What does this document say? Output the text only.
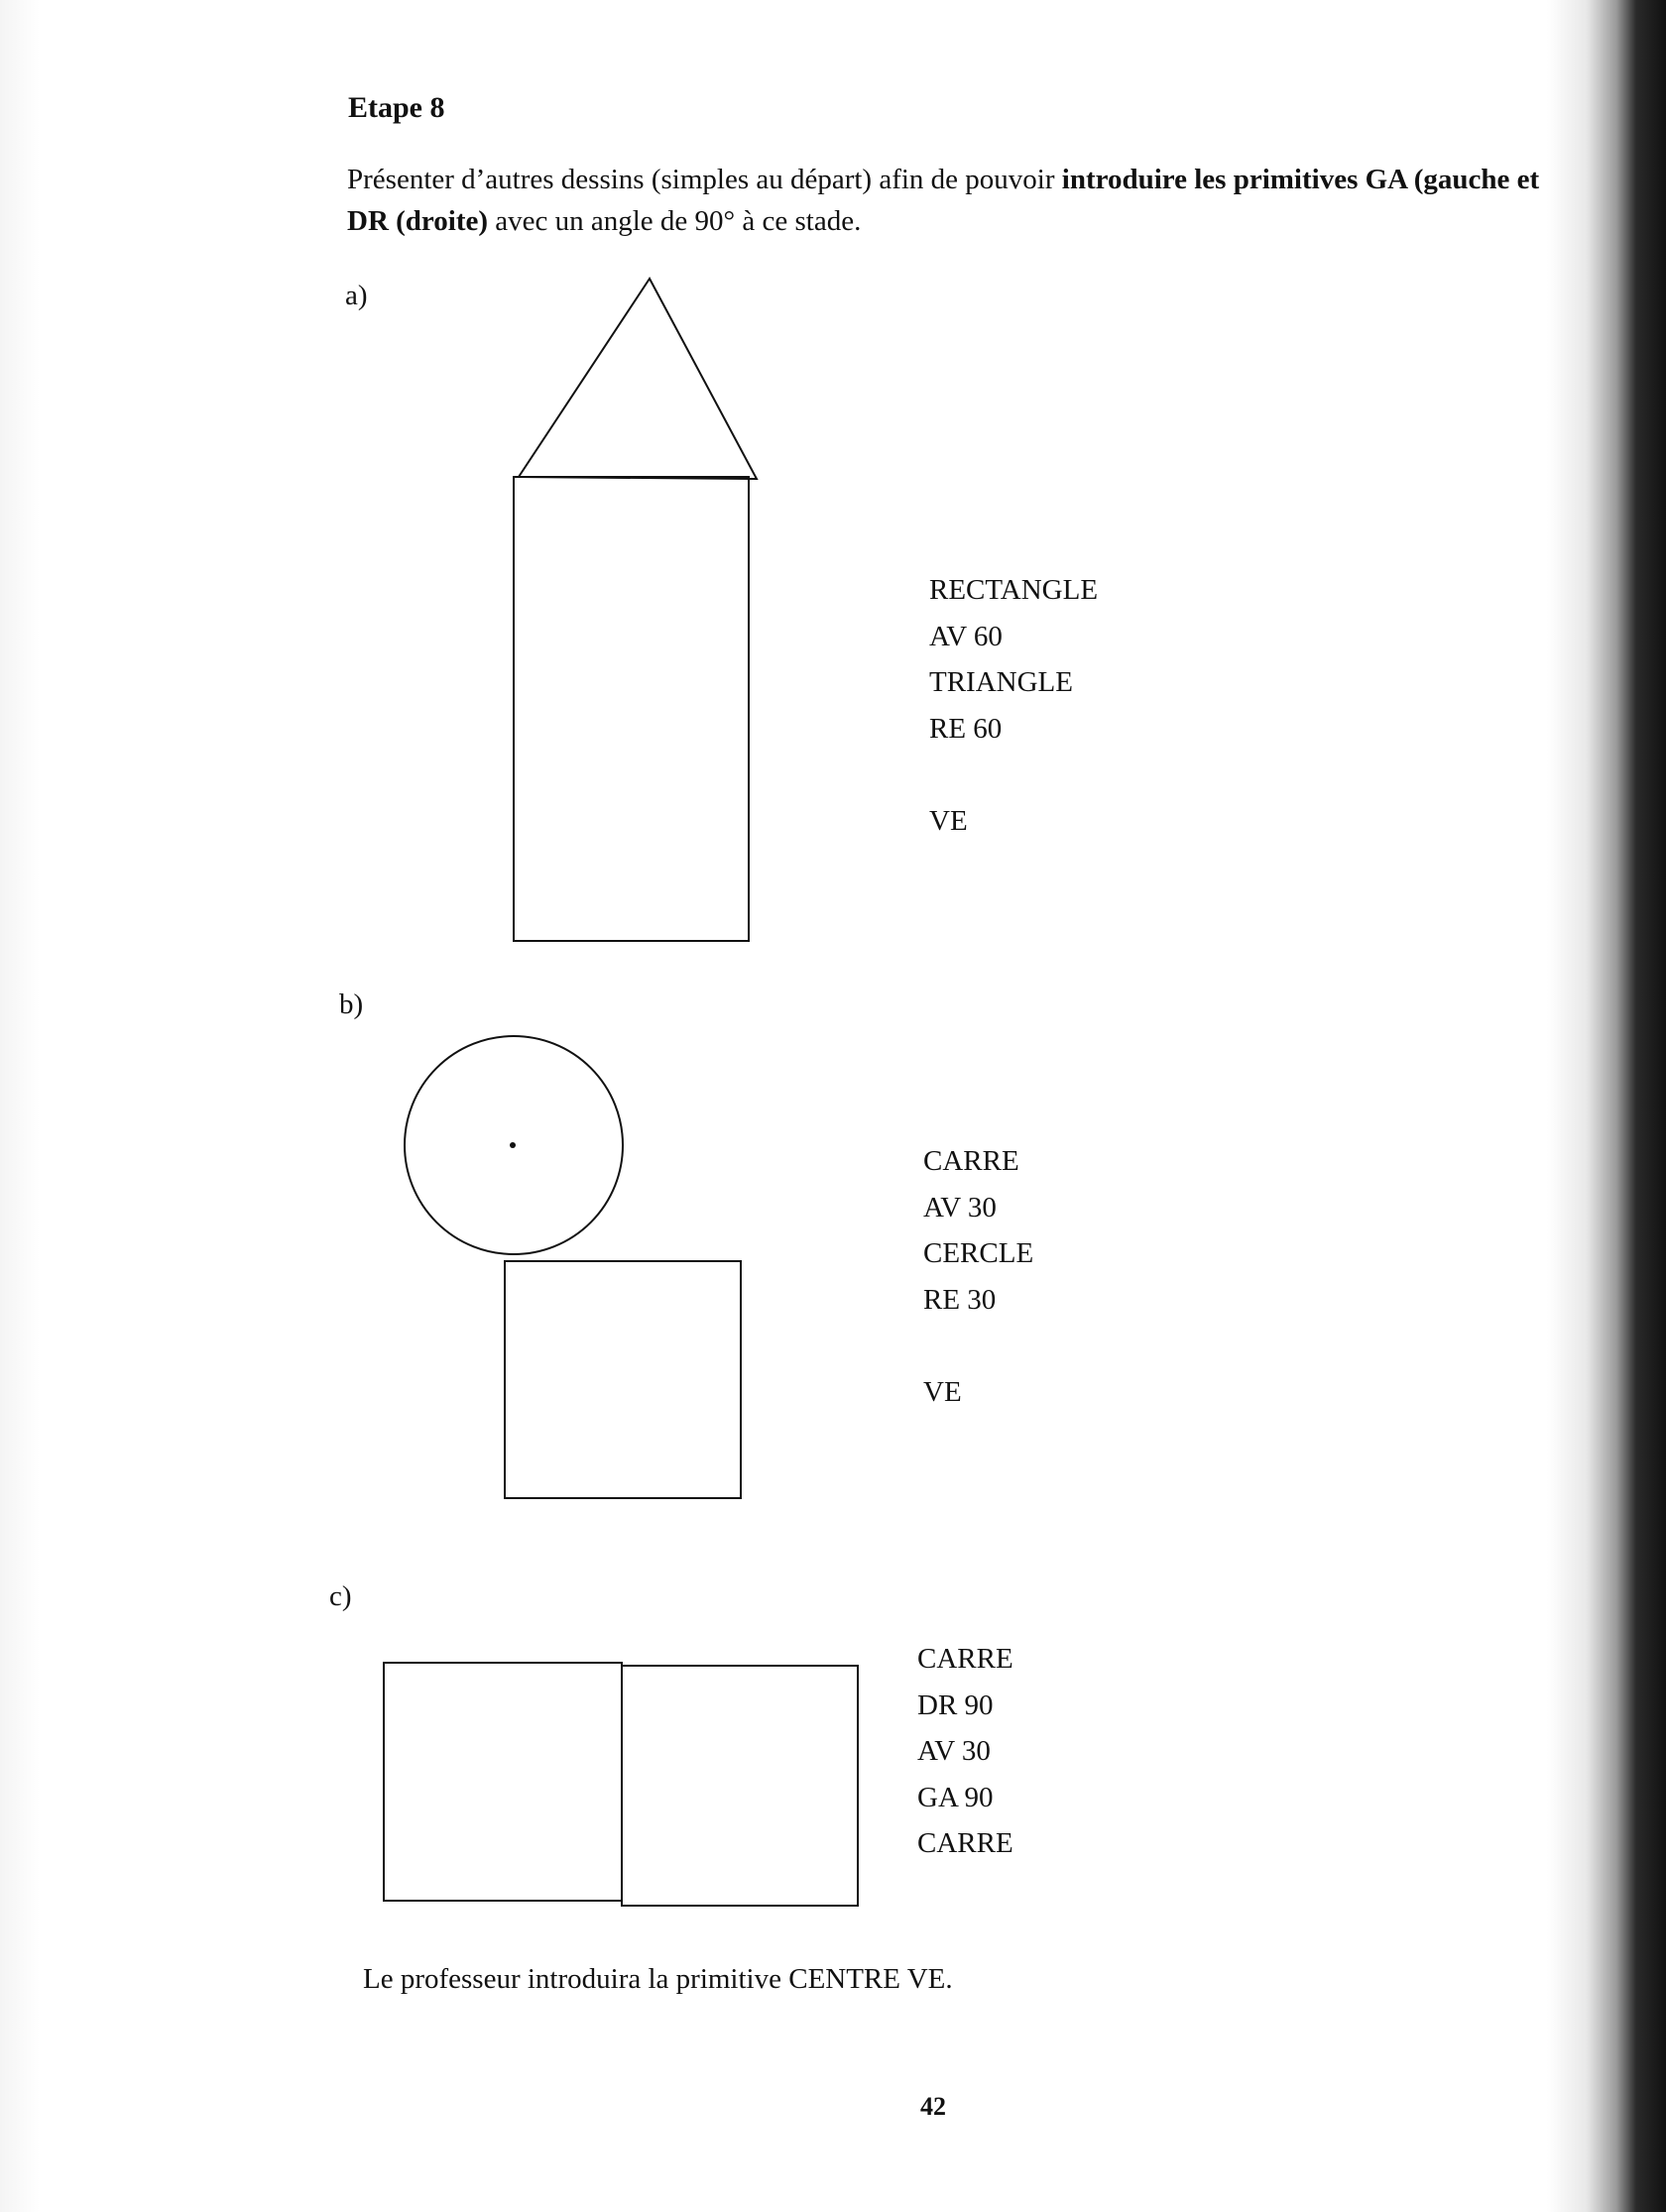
Etape 8
Présenter d’autres dessins (simples au départ) afin de pouvoir introduire les primitives GA (gauche et
DR (droite) avec un angle de 90° à ce stade.
a)
b)
c)
RECTANGLE
AV 60
TRIANGLE
RE 60
VE
CARRE
AV 30
CERCLE
RE 30
VE
CARRE
DR 90
AV 30
GA 90
CARRE
Le professeur introduira la primitive CENTRE VE.
42
